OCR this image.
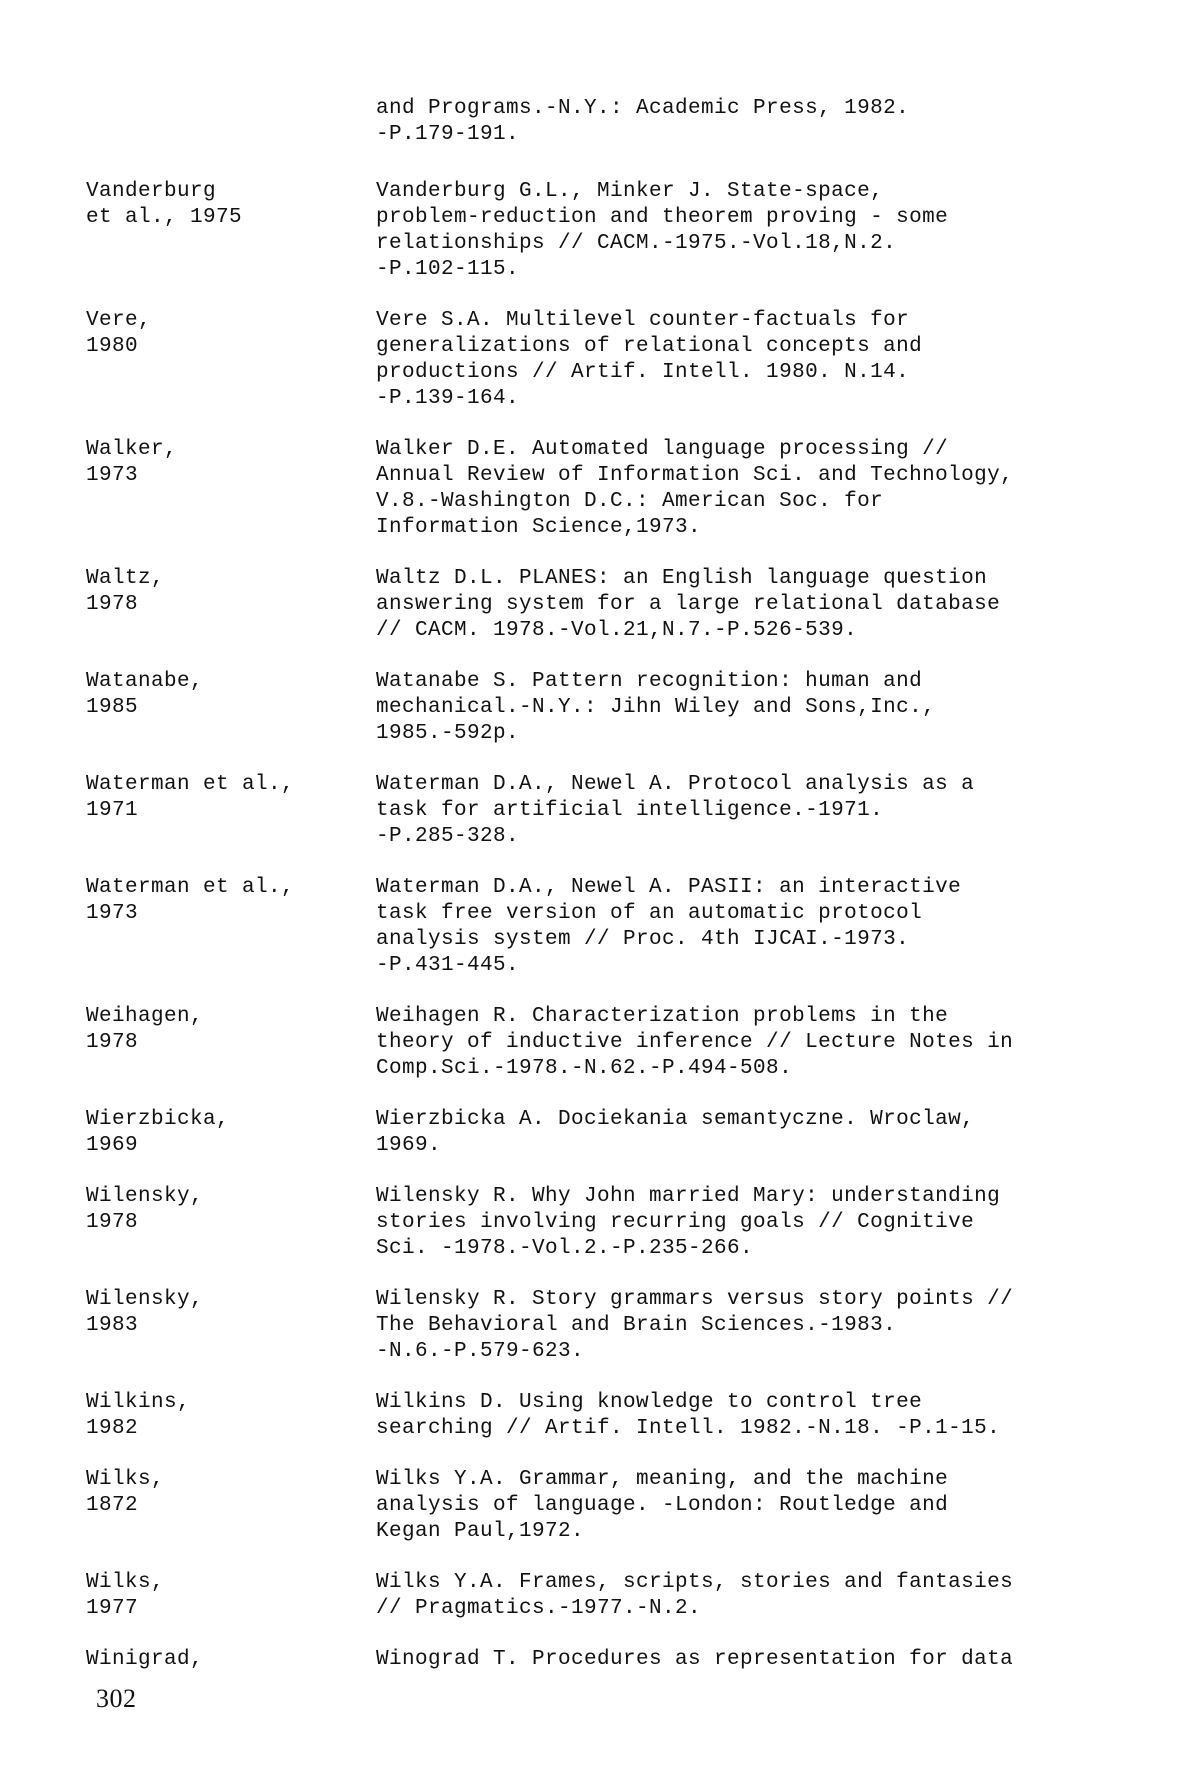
and Programs.-N.Y.: Academic Press, 1982.
-P.179-191.
Vanderburg
et al., 1975
Vanderburg G.L., Minker J. State-space,
problem-reduction and theorem proving - some
relationships // CACM.-1975.-Vol.18,N.2.
-P.102-115.
Vere,
1980
Vere S.A. Multilevel counter-factuals for
generalizations of relational concepts and
productions // Artif. Intell. 1980. N.14.
-P.139-164.
Walker,
1973
Walker D.E. Automated language processing //
Annual Review of Information Sci. and Technology,
V.8.-Washington D.C.: American Soc. for
Information Science,1973.
Waltz,
1978
Waltz D.L. PLANES: an English language question
answering system for a large relational database
// CACM. 1978.-Vol.21,N.7.-P.526-539.
Watanabe,
1985
Watanabe S. Pattern recognition: human and
mechanical.-N.Y.: Jihn Wiley and Sons,Inc.,
1985.-592p.
Waterman et al.,
1971
Waterman D.A., Newel A. Protocol analysis as a
task for artificial intelligence.-1971.
-P.285-328.
Waterman et al.,
1973
Waterman D.A., Newel A. PASII: an interactive
task free version of an automatic protocol
analysis system // Proc. 4th IJCAI.-1973.
-P.431-445.
Weihagen,
1978
Weihagen R. Characterization problems in the
theory of inductive inference // Lecture Notes in
Comp.Sci.-1978.-N.62.-P.494-508.
Wierzbicka,
1969
Wierzbicka A. Dociekania semantyczne. Wroclaw,
1969.
Wilensky,
1978
Wilensky R. Why John married Mary: understanding
stories involving recurring goals // Cognitive
Sci. -1978.-Vol.2.-P.235-266.
Wilensky,
1983
Wilensky R. Story grammars versus story points //
The Behavioral and Brain Sciences.-1983.
-N.6.-P.579-623.
Wilkins,
1982
Wilkins D. Using knowledge to control tree
searching // Artif. Intell. 1982.-N.18. -P.1-15.
Wilks,
1872
Wilks Y.A. Grammar, meaning, and the machine
analysis of language. -London: Routledge and
Kegan Paul,1972.
Wilks,
1977
Wilks Y.A. Frames, scripts, stories and fantasies
// Pragmatics.-1977.-N.2.
Winigrad,	Winograd T. Procedures as representation for data
302
